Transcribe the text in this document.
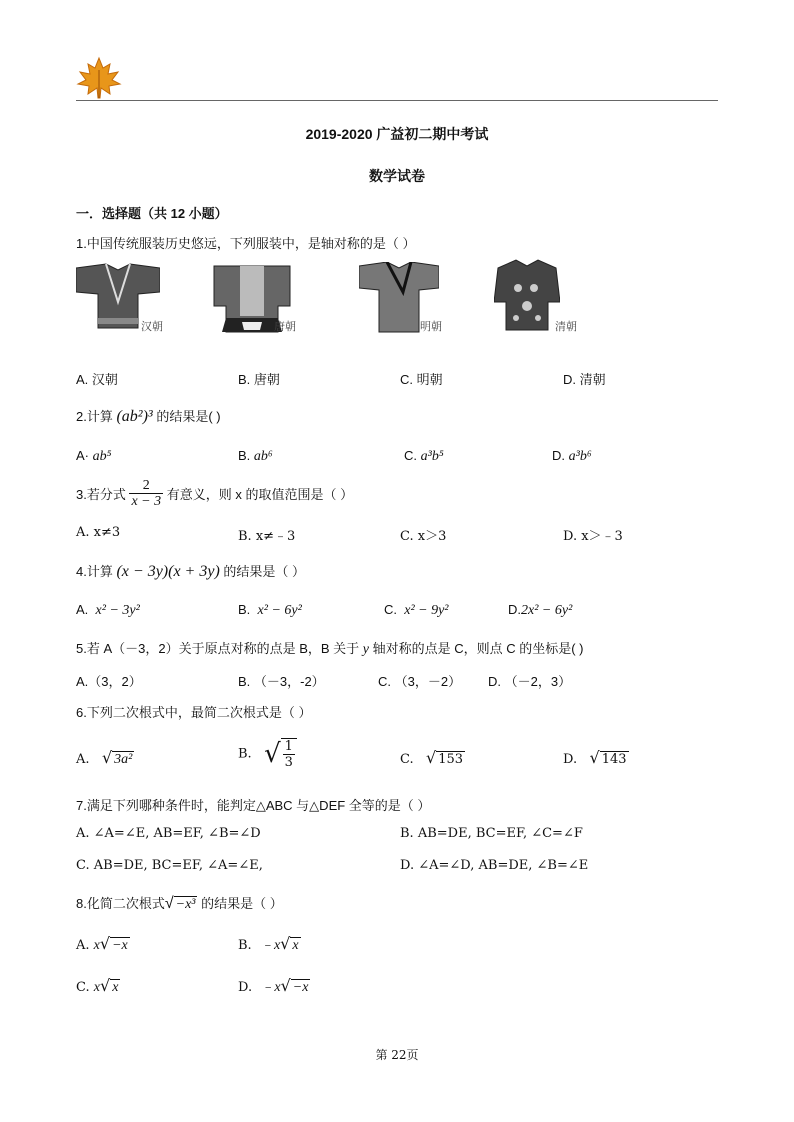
2019-2020 广益初二期中考试
数学试卷
一．选择题（共 12 小题）
1.中国传统服装历史悠远，下列服装中，是轴对称的是（ ）
汉朝	唐朝	明朝	清朝
A. 汉朝	B. 唐朝	C. 明朝	D. 清朝
2.计算 (ab²)³ 的结果是( )
A· ab⁵	B. ab⁶	C. a³b⁵	D. a³b⁶
3.若分式 $\frac{2}{x - 3}$ 有意义，则 x 的取值范围是（ ）
A. x≠3	B. x≠﹣3	C. x＞3	D. x＞﹣3
4.计算 (x − 3y)(x + 3y) 的结果是（ ）
A. x² − 3y²	B. x² − 6y²	C. x² − 9y²	D.2x² − 6y²
5.若 A（－3，2）关于原点对称的点是 B，B 关于 y 轴对称的点是 C，则点 C 的坐标是( )
A.（3，2）	B. （－3，-2）	C. （3，－2） D. （－2，3）
6.下列二次根式中，最简二次根式是（ ）
A. √ 3a²	B. √ $\frac{1}{3}$	C. √ 153	D. √ 143
7.满足下列哪种条件时，能判定△ABC 与△DEF 全等的是（ ）
A. ∠A=∠E, AB=EF, ∠B=∠D	B. AB=DE, BC=EF, ∠C=∠F
C. AB=DE, BC=EF, ∠A=∠E,	D. ∠A=∠D, AB=DE, ∠B=∠E
8.化简二次根式√ −x³ 的结果是（ ）
A. x√ −x	B. ﹣x√ x
C. x√ x	D. ﹣x√ −x
第 22页
